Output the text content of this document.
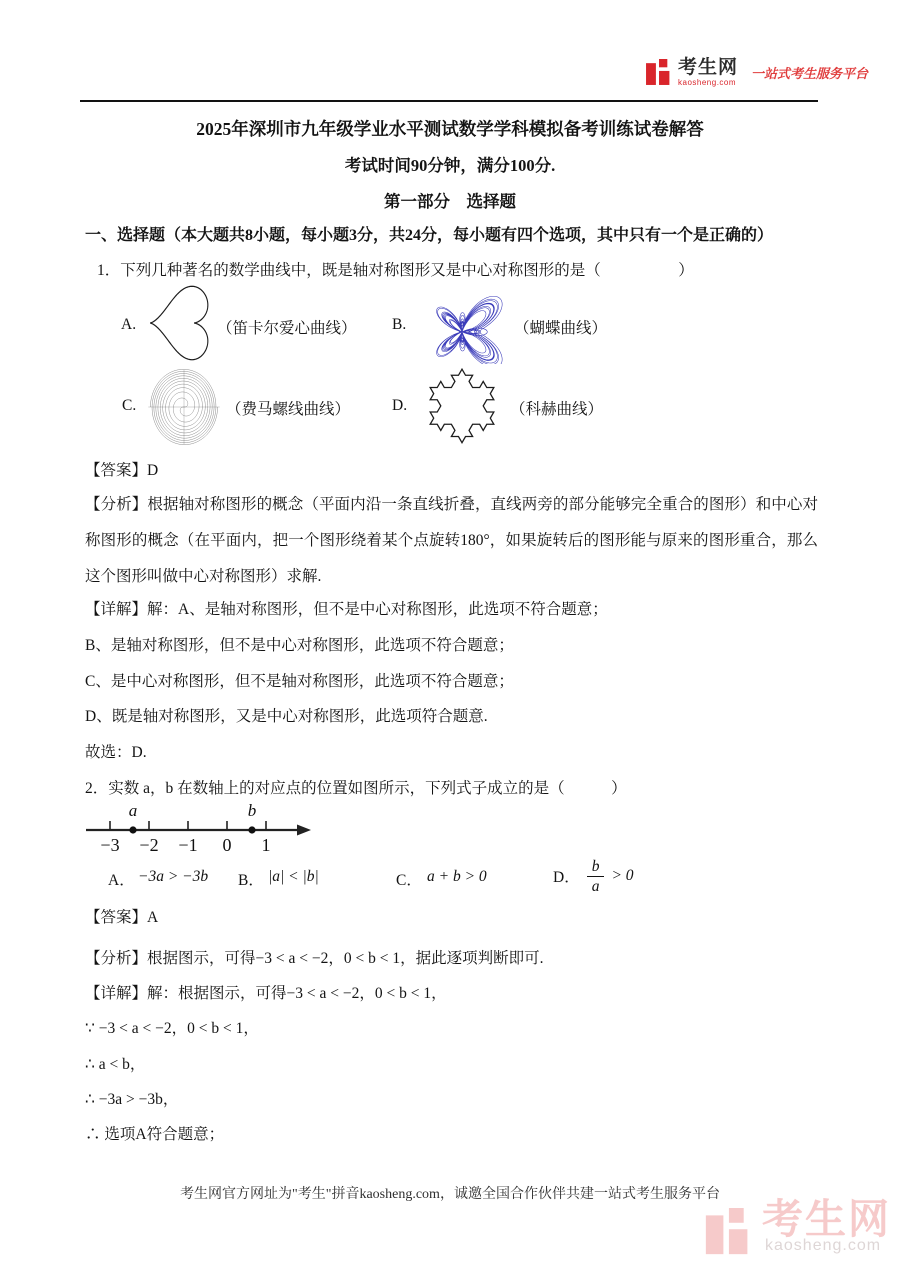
考生网
kaosheng.com
一站式考生服务平台
2025年深圳市九年级学业水平测试数学学科模拟备考训练试卷解答
考试时间90分钟，满分100分.
第一部分　选择题
一、选择题（本大题共8小题，每小题3分，共24分，每小题有四个选项，其中只有一个是正确的）
1．下列几种著名的数学曲线中，既是轴对称图形又是中心对称图形的是（　　　　　）
A.	（笛卡尔爱心曲线） B.	（蝴蝶曲线）
C.	（费马螺线曲线）	D.	（科赫曲线）
【答案】D
【分析】根据轴对称图形的概念（平面内沿一条直线折叠，直线两旁的部分能够完全重合的图形）和中心对称图形的概念（在平面内，把一个图形绕着某个点旋转180°，如果旋转后的图形能与原来的图形重合，那么这个图形叫做中心对称图形）求解.

【详解】解：A、是轴对称图形，但不是中心对称图形，此选项不符合题意；

B、是轴对称图形，但不是中心对称图形，此选项不符合题意；

C、是中心对称图形，但不是轴对称图形，此选项不符合题意；

D、既是轴对称图形，又是中心对称图形，此选项符合题意.

故选：D.

2．实数 a，b 在数轴上的对应点的位置如图所示，下列式子成立的是（　　　）
a	b
−3 −2 −1 0 1
A． −3a > −3b B． |a| < |b|	C． a + b > 0	D． $\frac{b}{a} > 0$
【答案】A

【分析】根据图示，可得−3 < a < −2，0 < b < 1，据此逐项判断即可.

【详解】解：根据图示，可得−3 < a < −2，0 < b < 1，

∵ −3 < a < −2，0 < b < 1，

∴ a < b，

∴ −3a > −3b，

∴ 选项A符合题意；

考生网官方网址为"考生"拼音kaosheng.com，诚邀全国合作伙伴共建一站式考生服务平台
考生网
kaosheng.com
